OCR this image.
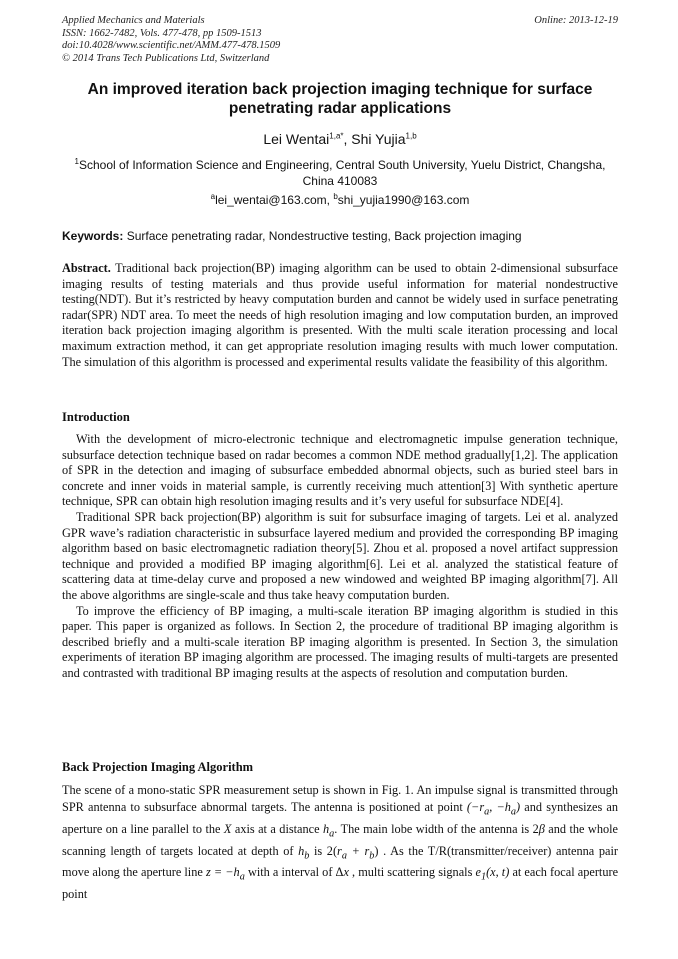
Applied Mechanics and Materials	Online: 2013-12-19
ISSN: 1662-7482, Vols. 477-478, pp 1509-1513
doi:10.4028/www.scientific.net/AMM.477-478.1509
© 2014 Trans Tech Publications Ltd, Switzerland
An improved iteration back projection imaging technique for surface penetrating radar applications
Lei Wentai$^{1,a*}$, Shi Yujia$^{1,b}$
$^1$School of Information Science and Engineering, Central South University, Yuelu District, Changsha, China 410083
$^a$lei_wentai@163.com, $^b$shi_yujia1990@163.com
Keywords: Surface penetrating radar, Nondestructive testing, Back projection imaging

Abstract. Traditional back projection(BP) imaging algorithm can be used to obtain 2-dimensional subsurface imaging results of testing materials and thus provide useful information for material nondestructive testing(NDT). But it’s restricted by heavy computation burden and cannot be widely used in surface penetrating radar(SPR) NDT area. To meet the needs of high resolution imaging and low computation burden, an improved iteration back projection imaging algorithm is presented. With the multi scale iteration processing and local maximum extraction method, it can get appropriate resolution imaging results with much lower computation. The simulation of this algorithm is processed and experimental results validate the feasibility of this algorithm.

Introduction

With the development of micro-electronic technique and electromagnetic impulse generation technique, subsurface detection technique based on radar becomes a common NDE method gradually[1,2]. The application of SPR in the detection and imaging of subsurface embedded abnormal objects, such as buried steel bars in concrete and inner voids in material sample, is currently receiving much attention[3] With synthetic aperture technique, SPR can obtain high resolution imaging results and it’s very useful for subsurface NDE[4].

Traditional SPR back projection(BP) algorithm is suit for subsurface imaging of targets. Lei et al. analyzed GPR wave’s radiation characteristic in subsurface layered medium and provided the corresponding BP imaging algorithm based on basic electromagnetic radiation theory[5]. Zhou et al. proposed a novel artifact suppression technique and provided a modified BP imaging algorithm[6]. Lei et al. analyzed the statistical feature of scattering data at time-delay curve and proposed a new windowed and weighted BP imaging algorithm[7]. All the above algorithms are single-scale and thus take heavy computation burden.

To improve the efficiency of BP imaging, a multi-scale iteration BP imaging algorithm is studied in this paper. This paper is organized as follows. In Section 2, the procedure of traditional BP imaging algorithm is described briefly and a multi-scale iteration BP imaging algorithm is presented. In Section 3, the simulation experiments of iteration BP imaging algorithm are processed. The imaging results of multi-targets are presented and contrasted with traditional BP imaging results at the aspects of resolution and computation burden.

Back Projection Imaging Algorithm

The scene of a mono-static SPR measurement setup is shown in Fig. 1. An impulse signal is transmitted through SPR antenna to subsurface abnormal targets. The antenna is positioned at point ($-r_a$, $-h_a$) and synthesizes an aperture on a line parallel to the X axis at a distance $h_a$. The main lobe width of the antenna is 2β and the whole scanning length of targets located at depth of $h_b$ is $2(r_a + r_b)$ . As the T/R(transmitter/receiver) antenna pair move along the aperture line $z = -h_a$ with a interval of Δx , multi scattering signals $e_1(x$, t) at each focal aperture point
